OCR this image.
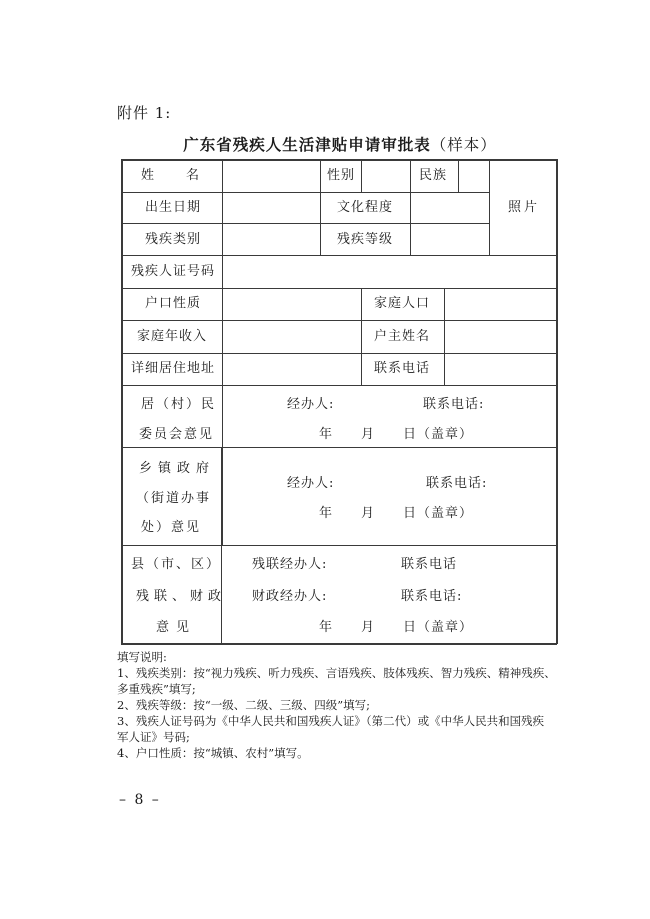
附件 1:
广东省残疾人生活津贴申请审批表（样本）
姓　　名	性别	民族
照片
出生日期	文化程度
残疾类别	残疾等级
残疾人证号码
户口性质	家庭人口
家庭年收入	户主姓名
详细居住地址	联系电话
居（村）民
委员会意见
经办人:	联系电话:
年　　月　　日（盖章）
乡镇政府
（街道办事
处）意见
经办人:	联系电话:
年　　月　　日（盖章）
县（市、区）
残联、财政
意见
残联经办人:	联系电话
财政经办人:	联系电话:
年　　月　　日（盖章）
填写说明:
1、残疾类别：按“视力残疾、听力残疾、言语残疾、肢体残疾、智力残疾、精神残疾、
多重残疾”填写;
2、残疾等级：按“一级、二级、三级、四级”填写;
3、残疾人证号码为《中华人民共和国残疾人证》（第二代）或《中华人民共和国残疾
军人证》号码;
4、户口性质：按“城镇、农村”填写。
– 8 –
